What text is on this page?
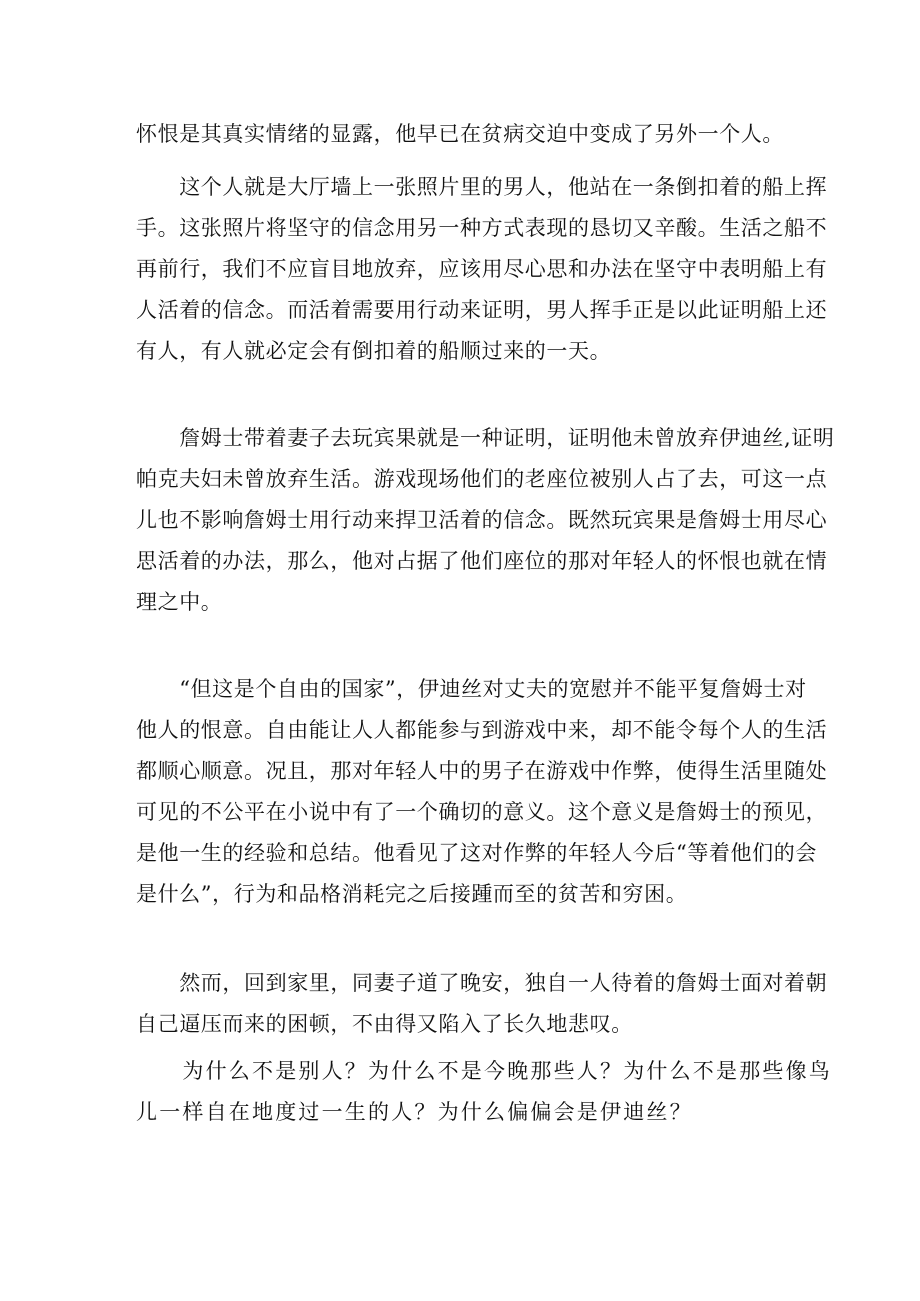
怀恨是其真实情绪的显露，他早已在贫病交迫中变成了另外一个人。
　　这个人就是大厅墙上一张照片里的男人，他站在一条倒扣着的船上挥
手。这张照片将坚守的信念用另一种方式表现的恳切又辛酸。生活之船不
再前行，我们不应盲目地放弃，应该用尽心思和办法在坚守中表明船上有
人活着的信念。而活着需要用行动来证明，男人挥手正是以此证明船上还
有人，有人就必定会有倒扣着的船顺过来的一天。
　　詹姆士带着妻子去玩宾果就是一种证明，证明他未曾放弃伊迪丝,证明
帕克夫妇未曾放弃生活。游戏现场他们的老座位被别人占了去，可这一点
儿也不影响詹姆士用行动来捍卫活着的信念。既然玩宾果是詹姆士用尽心
思活着的办法，那么，他对占据了他们座位的那对年轻人的怀恨也就在情
理之中。
　　“但这是个自由的国家”，伊迪丝对丈夫的宽慰并不能平复詹姆士对
他人的恨意。自由能让人人都能参与到游戏中来，却不能令每个人的生活
都顺心顺意。况且，那对年轻人中的男子在游戏中作弊，使得生活里随处
可见的不公平在小说中有了一个确切的意义。这个意义是詹姆士的预见，
是他一生的经验和总结。他看见了这对作弊的年轻人今后“等着他们的会
是什么”，行为和品格消耗完之后接踵而至的贫苦和穷困。
　　然而，回到家里，同妻子道了晚安，独自一人待着的詹姆士面对着朝
自己逼压而来的困顿，不由得又陷入了长久地悲叹。
　　为什么不是别人？为什么不是今晚那些人？为什么不是那些像鸟
儿一样自在地度过一生的人？为什么偏偏会是伊迪丝？
